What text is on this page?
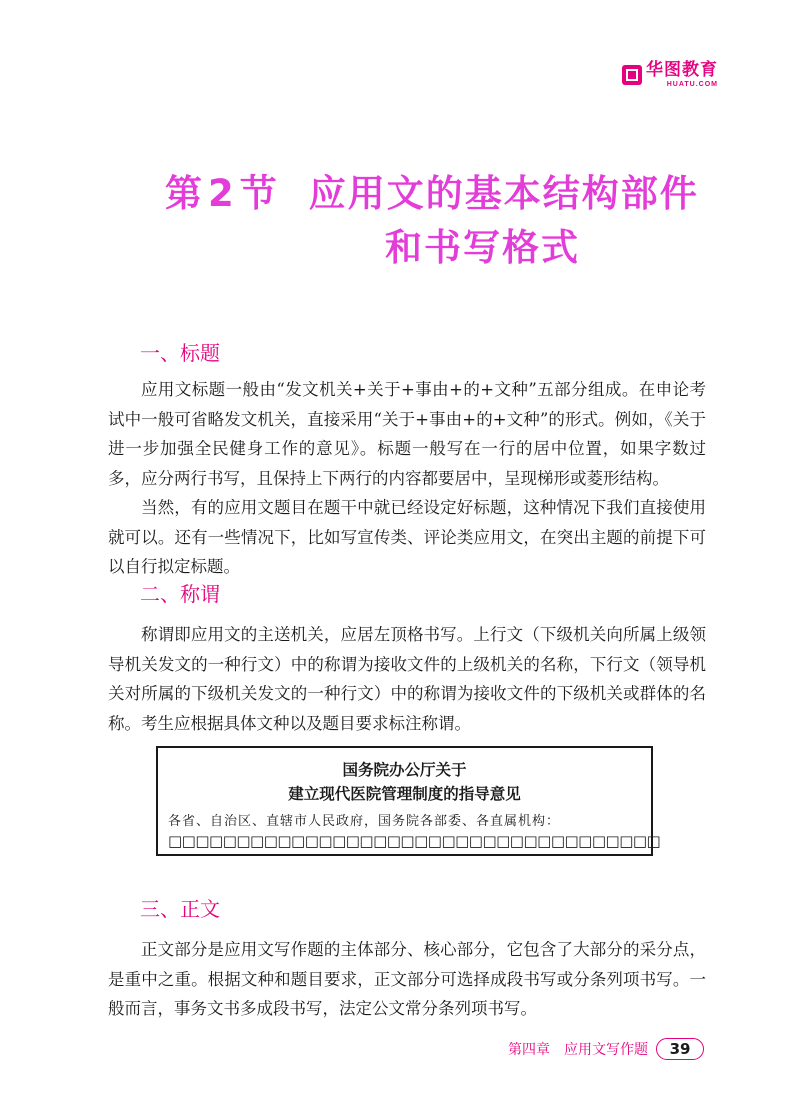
华图教育
HUATU.COM
第 2 节 应用文的基本结构部件
和书写格式
一、标题

应用文标题一般由“发文机关+关于+事由+的+文种”五部分组成。在申论考试中一般可省略发文机关，直接采用“关于+事由+的+文种”的形式。例如，《关于进一步加强全民健身工作的意见》。标题一般写在一行的居中位置，如果字数过多，应分两行书写，且保持上下两行的内容都要居中，呈现梯形或菱形结构。

当然，有的应用文题目在题干中就已经设定好标题，这种情况下我们直接使用就可以。还有一些情况下，比如写宣传类、评论类应用文，在突出主题的前提下可以自行拟定标题。

二、称谓

称谓即应用文的主送机关，应居左顶格书写。上行文（下级机关向所属上级领导机关发文的一种行文）中的称谓为接收文件的上级机关的名称，下行文（领导机关对所属的下级机关发文的一种行文）中的称谓为接收文件的下级机关或群体的名称。考生应根据具体文种以及题目要求标注称谓。

国务院办公厅关于
建立现代医院管理制度的指导意见
各省、自治区、直辖市人民政府，国务院各部委、各直属机构：
□□□□□□□□□□□□□□□□□□□□□□□□□□□□□□□□□□□□
三、正文

正文部分是应用文写作题的主体部分、核心部分，它包含了大部分的采分点，是重中之重。根据文种和题目要求，正文部分可选择成段书写或分条列项书写。一般而言，事务文书多成段书写，法定公文常分条列项书写。

第四章 应用文写作题	39
